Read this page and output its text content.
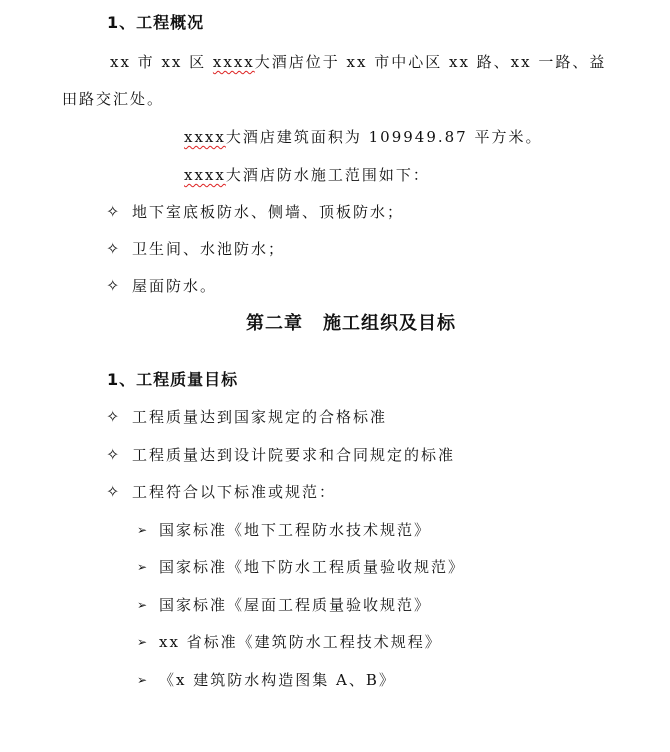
1、工程概况
xx 市 xx 区 xxxx大酒店位于 xx 市中心区 xx 路、xx 一路、益
田路交汇处。
xxxx大酒店建筑面积为 109949.87 平方米。
xxxx大酒店防水施工范围如下：
✧ 地下室底板防水、侧墙、顶板防水；
✧ 卫生间、水池防水；
✧ 屋面防水。
第二章 施工组织及目标
1、工程质量目标
✧ 工程质量达到国家规定的合格标准
✧ 工程质量达到设计院要求和合同规定的标准
✧ 工程符合以下标准或规范：
➢ 国家标准《地下工程防水技术规范》
➢ 国家标准《地下防水工程质量验收规范》
➢ 国家标准《屋面工程质量验收规范》
➢ xx 省标准《建筑防水工程技术规程》
➢ 《x 建筑防水构造图集 A、B》
